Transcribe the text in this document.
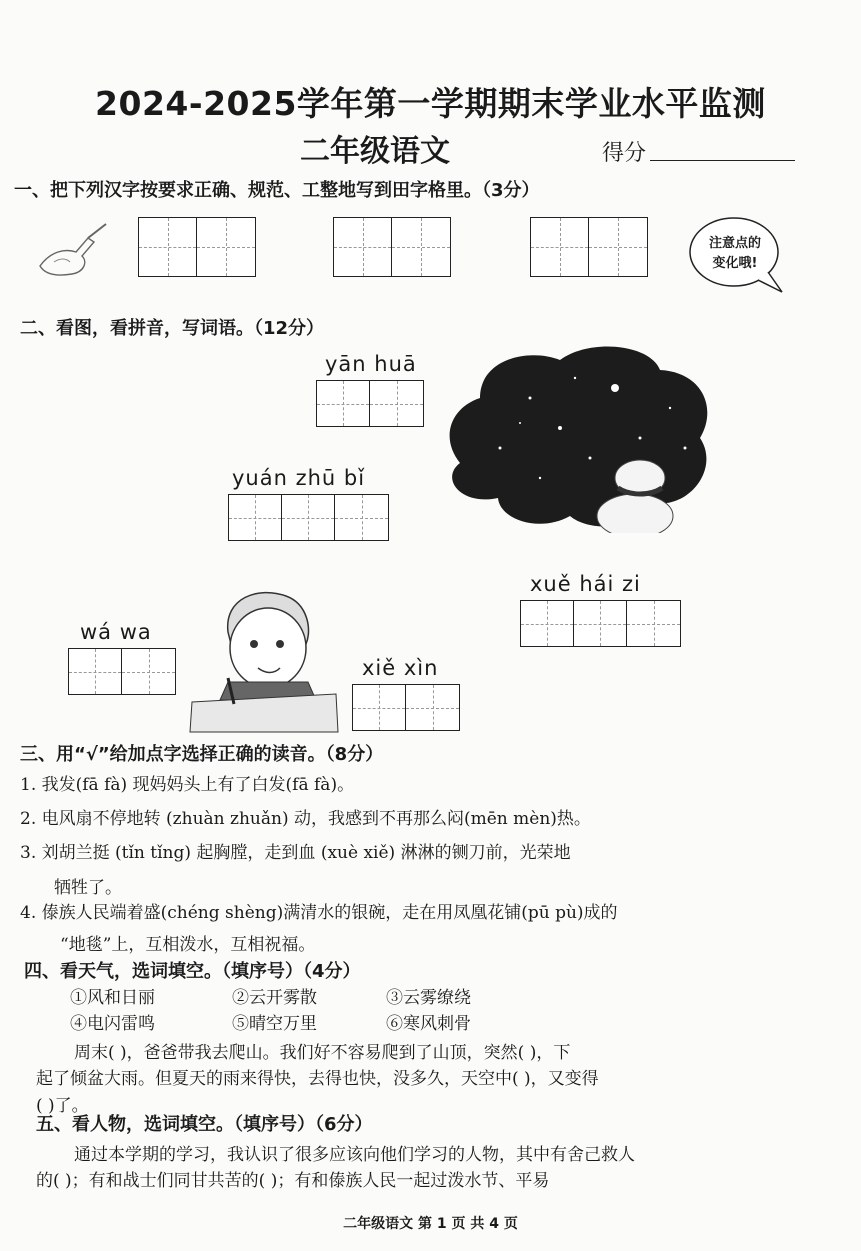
2024-2025学年第一学期期末学业水平监测
二年级语文	得分
一、把下列汉字按要求正确、规范、工整地写到田字格里。（3分）
注意点的
变化哦!
二、看图，看拼音，写词语。（12分）
yān huā
yuán zhū bǐ
xuě hái zi
wá wa
xiě xìn
三、用“√”给加点字选择正确的读音。（8分）
1. 我发(fā fà) 现妈妈头上有了白发(fā fà)。
2. 电风扇不停地转 (zhuàn zhuǎn) 动，我感到不再那么闷(mēn mèn)热。
3. 刘胡兰挺 (tǐn tǐng) 起胸膛，走到血 (xuè xiě) 淋淋的铡刀前，光荣地
牺牲了。
4. 傣族人民端着盛(chéng shèng)满清水的银碗，走在用凤凰花铺(pū pù)成的
“地毯”上，互相泼水，互相祝福。
四、看天气，选词填空。（填序号）（4分）
①风和日丽	②云开雾散	③云雾缭绕
④电闪雷鸣	⑤晴空万里	⑥寒风刺骨
周末( )，爸爸带我去爬山。我们好不容易爬到了山顶，突然( )，下
起了倾盆大雨。但夏天的雨来得快，去得也快，没多久，天空中( )，又变得
( )了。
五、看人物，选词填空。（填序号）（6分）
通过本学期的学习，我认识了很多应该向他们学习的人物，其中有舍己救人
的( )；有和战士们同甘共苦的( )；有和傣族人民一起过泼水节、平易
二年级语文 第 1 页 共 4 页
